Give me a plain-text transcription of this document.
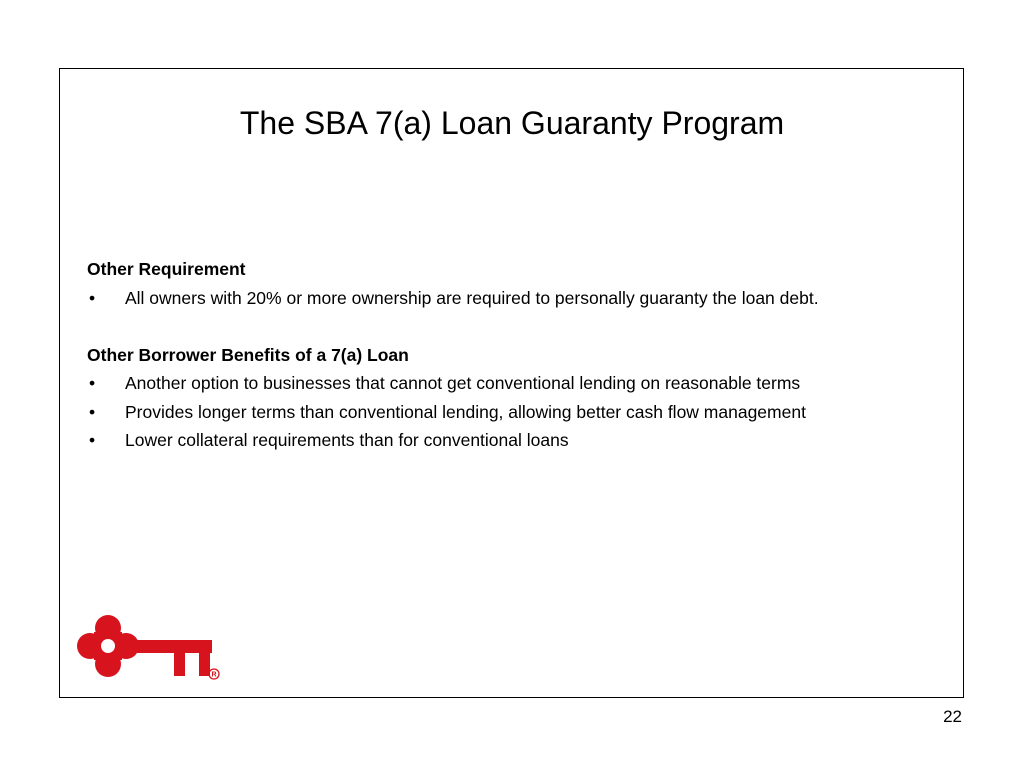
The SBA 7(a) Loan Guaranty Program

Other Requirement

•	All owners with 20% or more ownership are required to personally guaranty the loan debt.

Other Borrower Benefits of a 7(a) Loan

•	Another option to businesses that cannot get conventional lending on reasonable terms
•	Provides longer terms than conventional lending, allowing better cash flow management
•	Lower collateral requirements than for conventional loans
R
22
